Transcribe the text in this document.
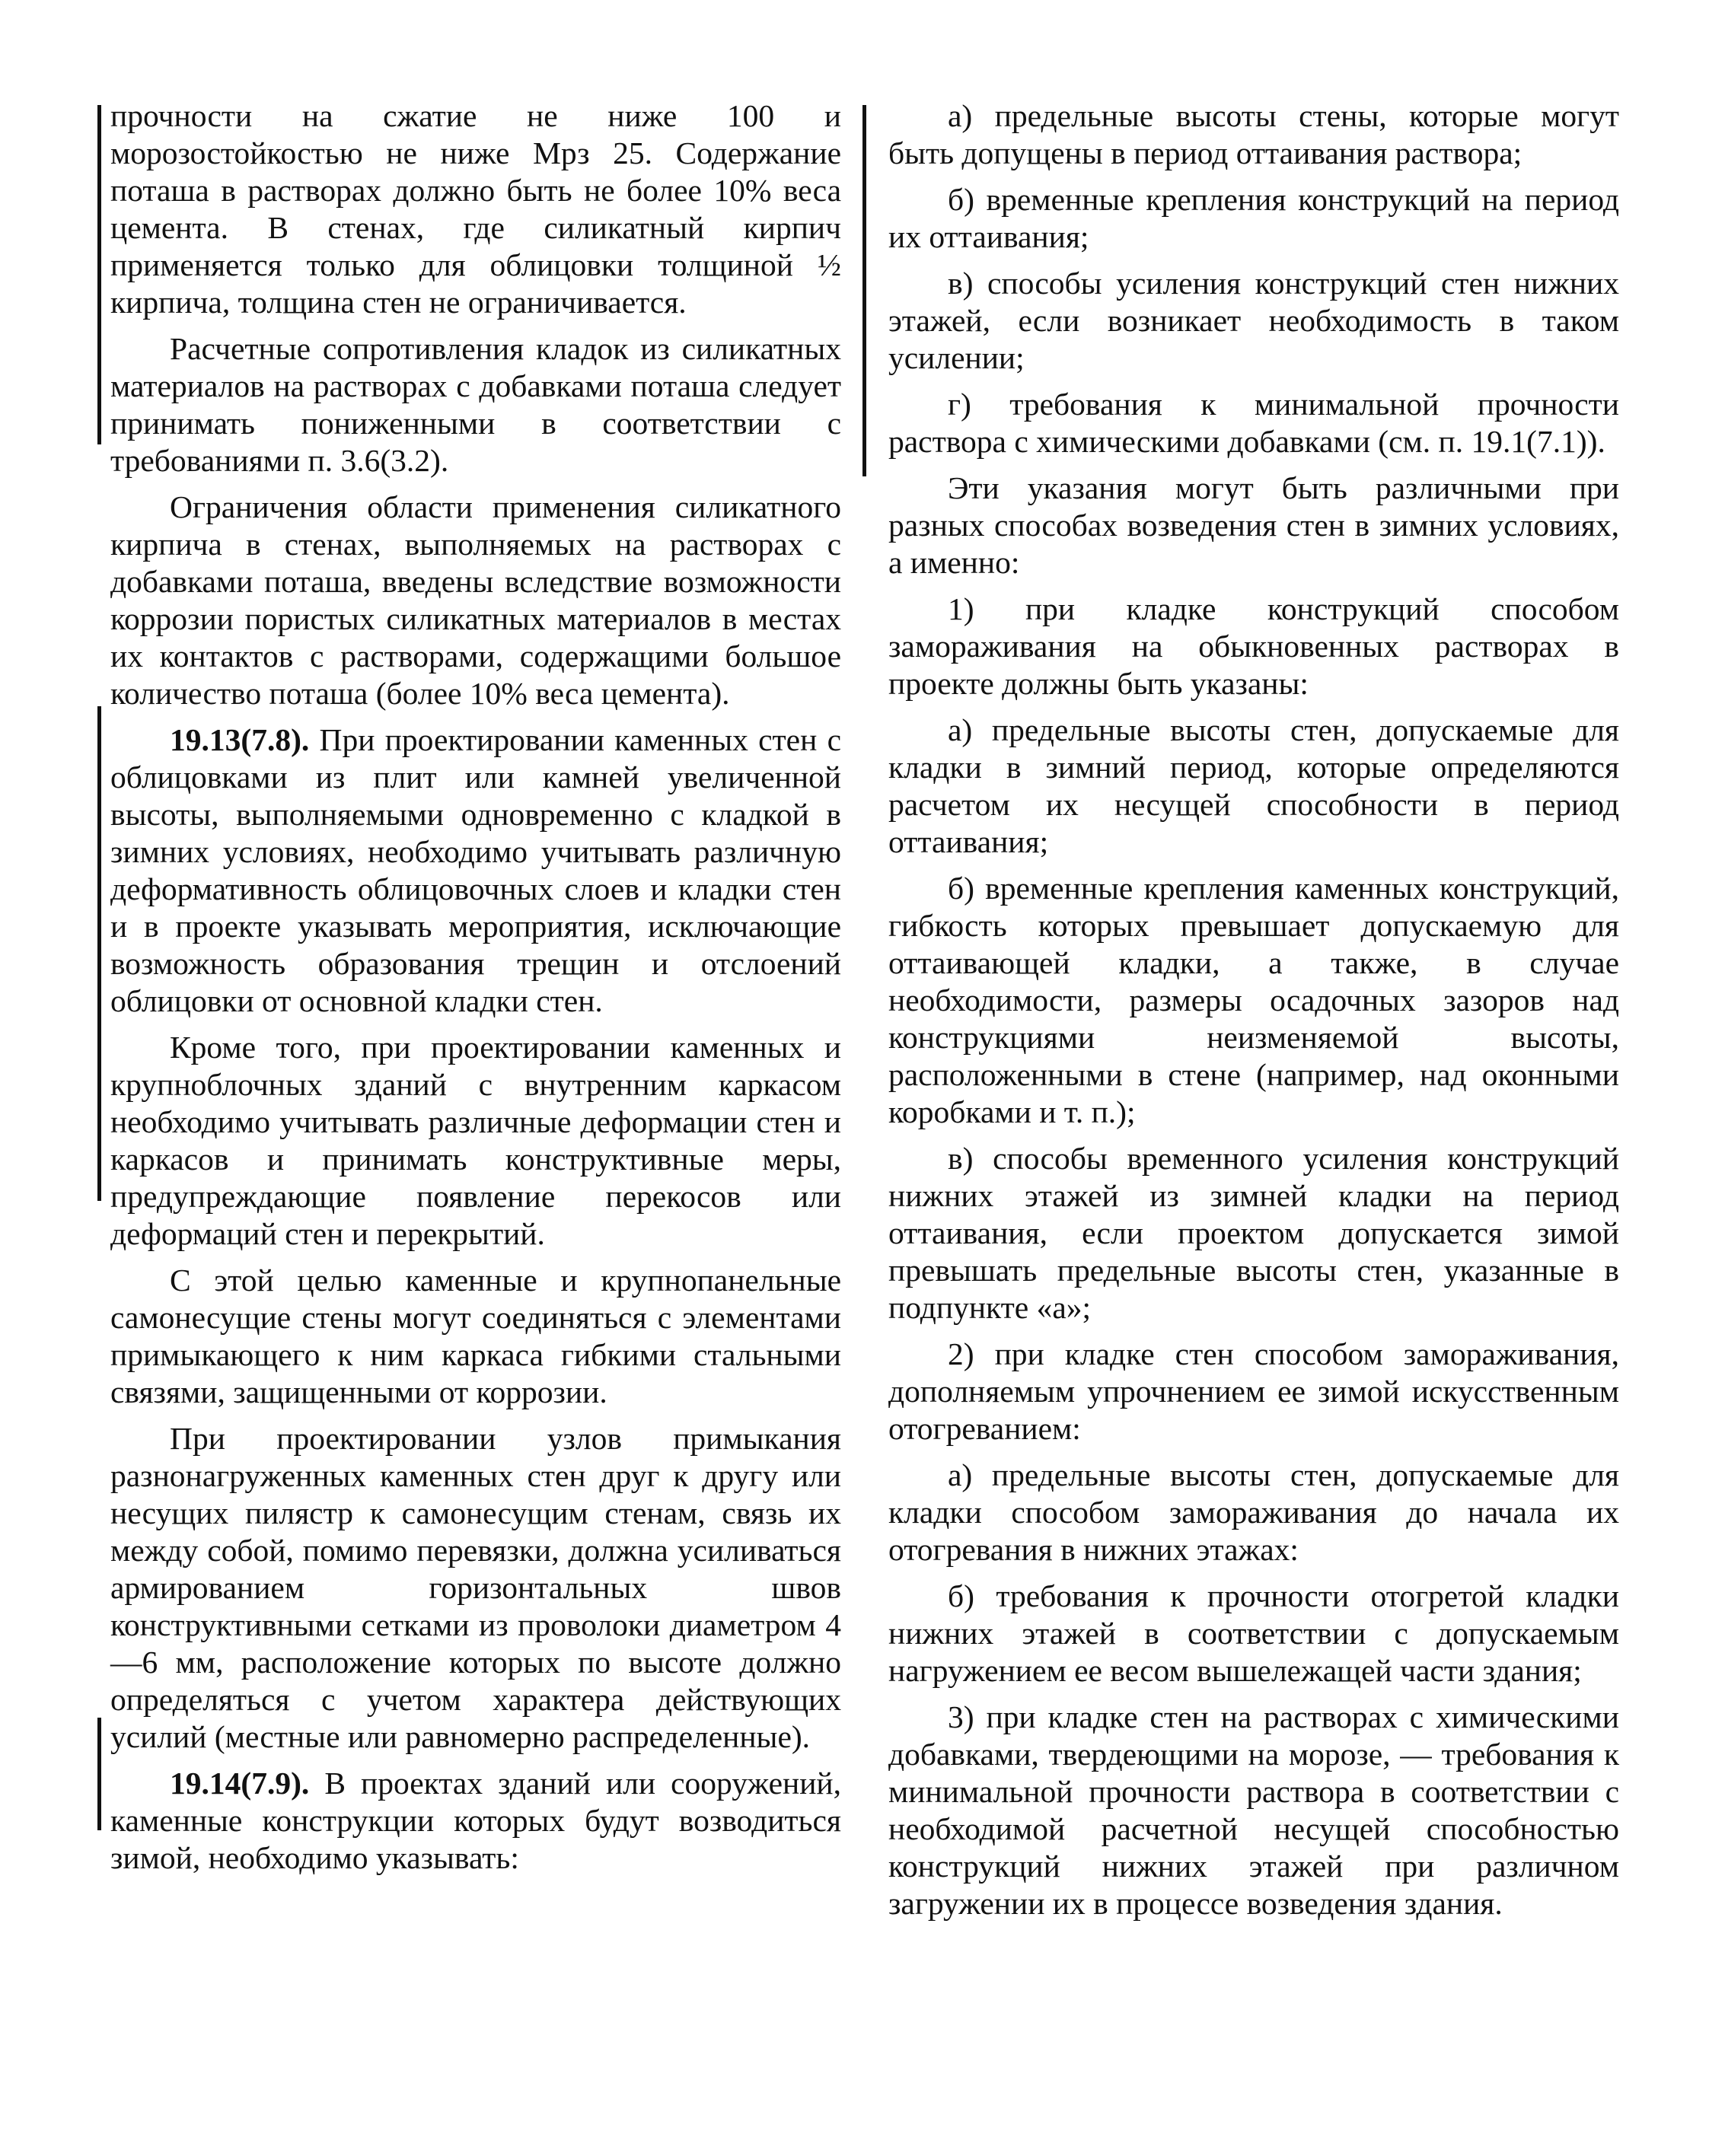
прочности на сжатие не ниже 100 и морозостойкостью не ниже Мрз 25. Содержание поташа в растворах должно быть не более 10% веса цемента. В стенах, где силикатный кирпич применяется только для облицовки толщиной ½ кирпича, толщина стен не ограничивается.

Расчетные сопротивления кладок из силикатных материалов на растворах с добавками поташа следует принимать пониженными в соответствии с требованиями п. 3.6(3.2).

Ограничения области применения силикатного кирпича в стенах, выполняемых на растворах с добавками поташа, введены вследствие возможности коррозии пористых силикатных материалов в местах их контактов с растворами, содержащими большое количество поташа (более 10% веса цемента).

19.13(7.8). При проектировании каменных стен с облицовками из плит или камней увеличенной высоты, выполняемыми одновременно с кладкой в зимних условиях, необходимо учитывать различную деформативность облицовочных слоев и кладки стен и в проекте указывать мероприятия, исключающие возможность образования трещин и отслоений облицовки от основной кладки стен.

Кроме того, при проектировании каменных и крупноблочных зданий с внутренним каркасом необходимо учитывать различные деформации стен и каркасов и принимать конструктивные меры, предупреждающие появление перекосов или деформаций стен и перекрытий.

С этой целью каменные и крупнопанельные самонесущие стены могут соединяться с элементами примыкающего к ним каркаса гибкими стальными связями, защищенными от коррозии.

При проектировании узлов примыкания разнонагруженных каменных стен друг к другу или несущих пилястр к самонесущим стенам, связь их между собой, помимо перевязки, должна усиливаться армированием горизонтальных швов конструктивными сетками из проволоки диаметром 4—6 мм, расположение которых по высоте должно определяться с учетом характера действующих усилий (местные или равномерно распределенные).

19.14(7.9). В проектах зданий или сооружений, каменные конструкции которых будут возводиться зимой, необходимо указывать:

а) предельные высоты стены, которые могут быть допущены в период оттаивания раствора;

б) временные крепления конструкций на период их оттаивания;

в) способы усиления конструкций стен нижних этажей, если возникает необходимость в таком усилении;

г) требования к минимальной прочности раствора с химическими добавками (см. п. 19.1(7.1)).

Эти указания могут быть различными при разных способах возведения стен в зимних условиях, а именно:

1) при кладке конструкций способом замораживания на обыкновенных растворах в проекте должны быть указаны:

а) предельные высоты стен, допускаемые для кладки в зимний период, которые определяются расчетом их несущей способности в период оттаивания;

б) временные крепления каменных конструкций, гибкость которых превышает допускаемую для оттаивающей кладки, а также, в случае необходимости, размеры осадочных зазоров над конструкциями неизменяемой высоты, расположенными в стене (например, над оконными коробками и т. п.);

в) способы временного усиления конструкций нижних этажей из зимней кладки на период оттаивания, если проектом допускается зимой превышать предельные высоты стен, указанные в подпункте «а»;

2) при кладке стен способом замораживания, дополняемым упрочнением ее зимой искусственным отогреванием:

а) предельные высоты стен, допускаемые для кладки способом замораживания до начала их отогревания в нижних этажах:

б) требования к прочности отогретой кладки нижних этажей в соответствии с допускаемым нагружением ее весом вышележащей части здания;

3) при кладке стен на растворах с химическими добавками, твердеющими на морозе, — требования к минимальной прочности раствора в соответствии с необходимой расчетной несущей способностью конструкций нижних этажей при различном загружении их в процессе возведения здания.
